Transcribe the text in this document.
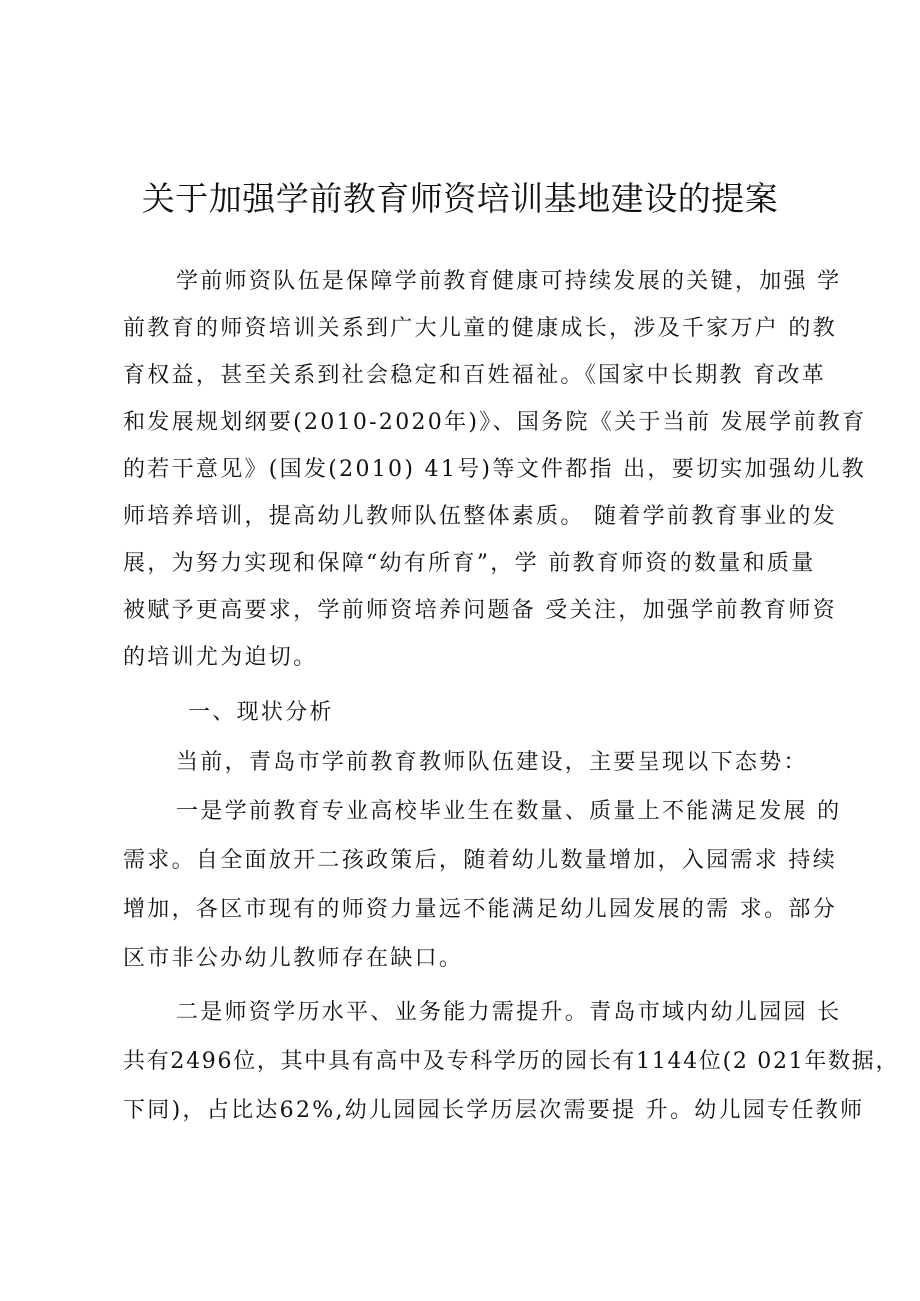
关于加强学前教育师资培训基地建设的提案
学前师资队伍是保障学前教育健康可持续发展的关键，加强 学
前教育的师资培训关系到广大儿童的健康成长，涉及千家万户 的教
育权益，甚至关系到社会稳定和百姓福祉。《国家中长期教 育改革
和发展规划纲要(2010-2020年)》、国务院《关于当前 发展学前教育
的若干意见》(国发(2010) 41号)等文件都指 出，要切实加强幼儿教
师培养培训，提高幼儿教师队伍整体素质。 随着学前教育事业的发
展，为努力实现和保障“幼有所育”，学 前教育师资的数量和质量
被赋予更高要求，学前师资培养问题备 受关注，加强学前教育师资
的培训尤为迫切。
一、现状分析
当前，青岛市学前教育教师队伍建设，主要呈现以下态势：
一是学前教育专业高校毕业生在数量、质量上不能满足发展 的
需求。自全面放开二孩政策后，随着幼儿数量增加，入园需求 持续
增加，各区市现有的师资力量远不能满足幼儿园发展的需 求。部分
区市非公办幼儿教师存在缺口。
二是师资学历水平、业务能力需提升。青岛市域内幼儿园园 长
共有2496位，其中具有高中及专科学历的园长有1144位(2 021年数据，
下同)，占比达62%,幼儿园园长学历层次需要提 升。幼儿园专任教师
